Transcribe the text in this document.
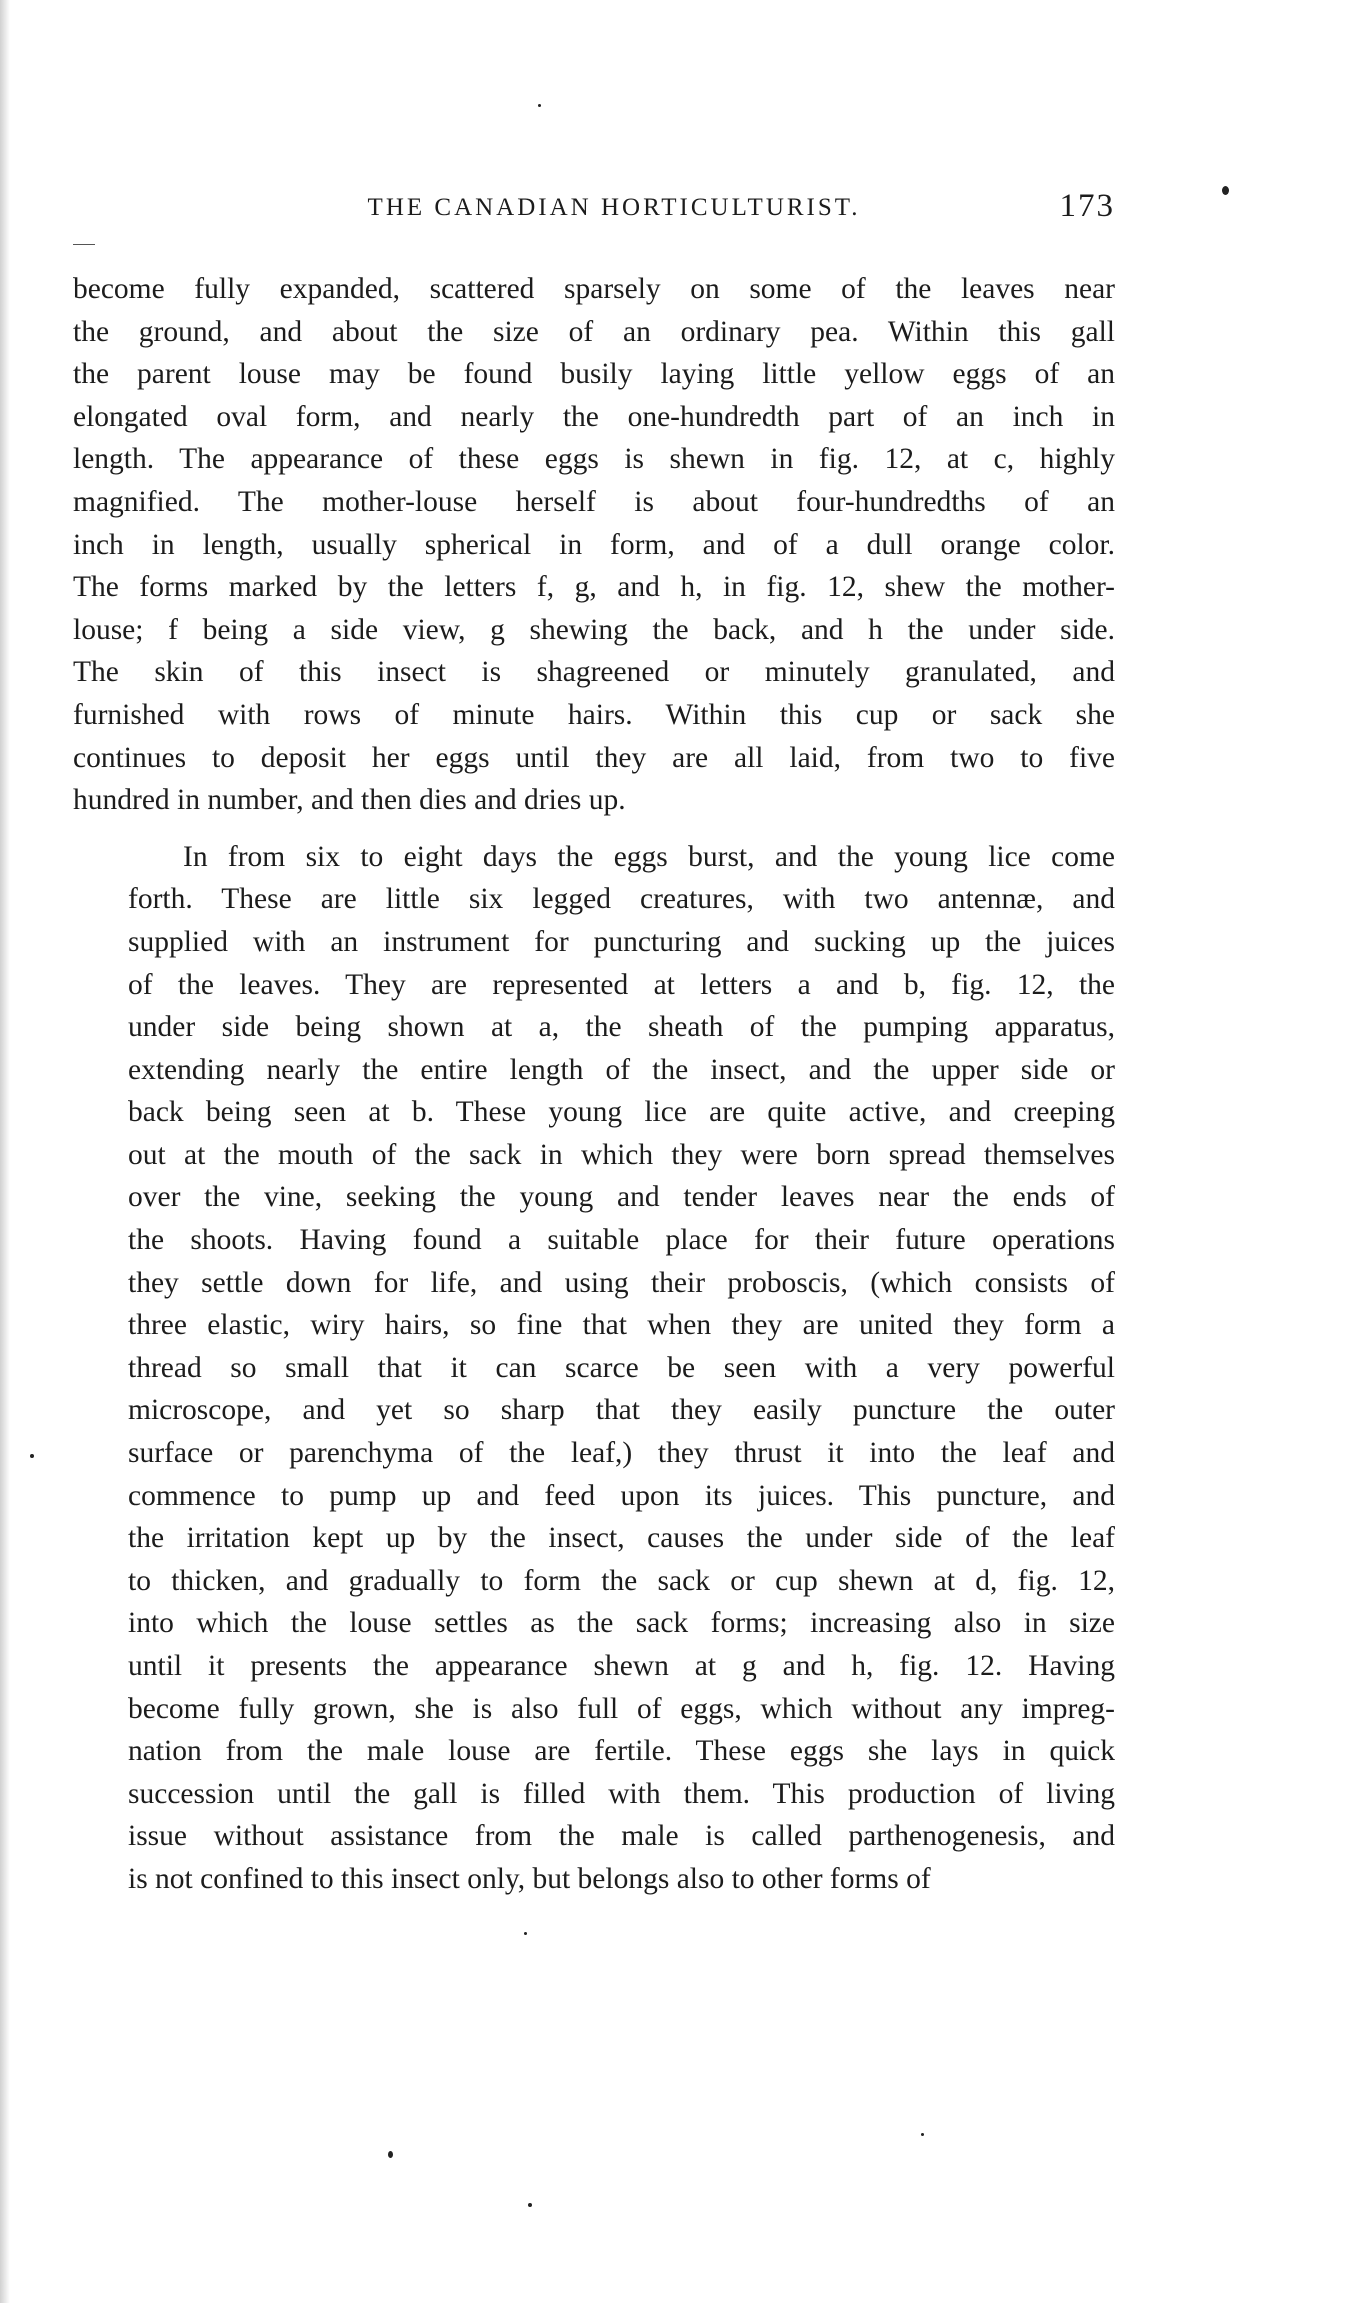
THE CANADIAN HORTICULTURIST.	173
become fully expanded, scattered sparsely on some of the leaves near
the ground, and about the size of an ordinary pea. Within this gall
the parent louse may be found busily laying little yellow eggs of an
elongated oval form, and nearly the one-hundredth part of an inch in
length. The appearance of these eggs is shewn in fig. 12, at c, highly
magnified. The mother-louse herself is about four-hundredths of an
inch in length, usually spherical in form, and of a dull orange color.
The forms marked by the letters f, g, and h, in fig. 12, shew the mother-
louse; f being a side view, g shewing the back, and h the under side.
The skin of this insect is shagreened or minutely granulated, and
furnished with rows of minute hairs. Within this cup or sack she
continues to deposit her eggs until they are all laid, from two to five
hundred in number, and then dies and dries up.
In from six to eight days the eggs burst, and the young lice come
forth. These are little six legged creatures, with two antennæ, and
supplied with an instrument for puncturing and sucking up the juices
of the leaves. They are represented at letters a and b, fig. 12, the
under side being shown at a, the sheath of the pumping apparatus,
extending nearly the entire length of the insect, and the upper side or
back being seen at b. These young lice are quite active, and creeping
out at the mouth of the sack in which they were born spread themselves
over the vine, seeking the young and tender leaves near the ends of
the shoots. Having found a suitable place for their future operations
they settle down for life, and using their proboscis, (which consists of
three elastic, wiry hairs, so fine that when they are united they form a
thread so small that it can scarce be seen with a very powerful
microscope, and yet so sharp that they easily puncture the outer
surface or parenchyma of the leaf,) they thrust it into the leaf and
commence to pump up and feed upon its juices. This puncture, and
the irritation kept up by the insect, causes the under side of the leaf
to thicken, and gradually to form the sack or cup shewn at d, fig. 12,
into which the louse settles as the sack forms; increasing also in size
until it presents the appearance shewn at g and h, fig. 12. Having
become fully grown, she is also full of eggs, which without any impreg-
nation from the male louse are fertile. These eggs she lays in quick
succession until the gall is filled with them. This production of living
issue without assistance from the male is called parthenogenesis, and
is not confined to this insect only, but belongs also to other forms of
